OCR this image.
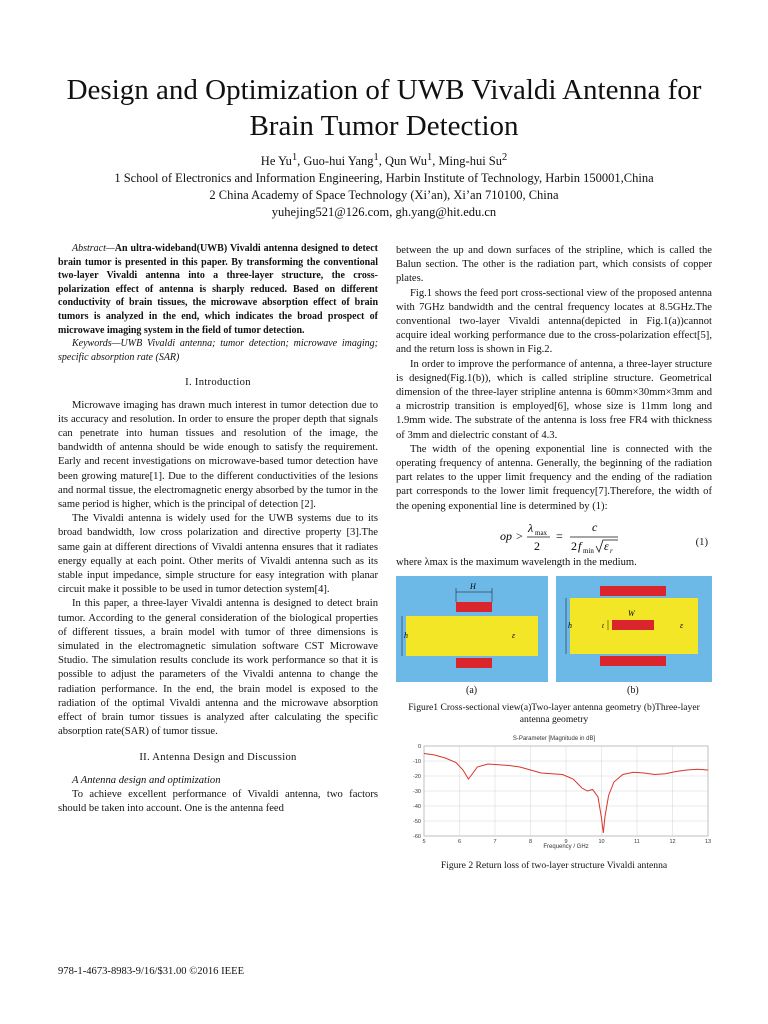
Design and Optimization of UWB Vivaldi Antenna for Brain Tumor Detection
He Yu$^1$, Guo-hui Yang$^1$, Qun Wu$^1$, Ming-hui Su$^2$
1 School of Electronics and Information Engineering, Harbin Institute of Technology, Harbin 150001,China
2 China Academy of Space Technology (Xi’an), Xi’an 710100, China
yuhejing521@126.com, gh.yang@hit.edu.cn

Abstract—An ultra-wideband(UWB) Vivaldi antenna designed to detect brain tumor is presented in this paper. By transforming the conventional two-layer Vivaldi antenna into a three-layer structure, the cross-polarization effect of antenna is sharply reduced. Based on different conductivity of brain tissues, the microwave absorption effect of brain tumors is analyzed in the end, which indicates the broad prospect of microwave imaging system in the field of tumor detection.

Keywords—UWB Vivaldi antenna; tumor detection; microwave imaging; specific absorption rate (SAR)

I. Introduction

Microwave imaging has drawn much interest in tumor detection due to its accuracy and resolution. In order to ensure the proper depth that signals can penetrate into human tissues and resolution of the image, the bandwidth of antenna should be wide enough to satisfy the requirement. Early and recent investigations on microwave-based tumor detection have been growing mature[1]. Due to the different conductivities of the lesions and normal tissue, the electromagnetic energy absorbed by the tumor in the same period is higher, which is the principal of detection [2].

The Vivaldi antenna is widely used for the UWB systems due to its broad bandwidth, low cross polarization and directive property [3].The same gain at different directions of Vivaldi antenna ensures that it radiates energy equally at each point. Other merits of Vivaldi antenna such as its stable input impedance, simple structure for easy integration with planar circuit make it possible to be used in tumor detection system[4].

In this paper, a three-layer Vivaldi antenna is designed to detect brain tumor. According to the general consideration of the biological properties of different tissues, a brain model with tumor of three dimensions is simulated in the electromagnetic simulation software CST Microwave Studio. The simulation results conclude its work performance so that it is possible to adjust the parameters of the Vivaldi antenna to change the radiation performance. In the end, the brain model is exposed to the radiation of the optimal Vivaldi antenna and the microwave absorption effect of brain tumor tissues is analyzed after calculating the specific absorption rate(SAR) of tumor tissue.

II. Antenna Design and Discussion

A Antenna design and optimization

To achieve excellent performance of Vivaldi antenna, two factors should be taken into account. One is the antenna feed

between the up and down surfaces of the stripline, which is called the Balun section. The other is the radiation part, which consists of copper plates.

Fig.1 shows the feed port cross-sectional view of the proposed antenna with 7GHz bandwidth and the central frequency locates at 8.5GHz.The conventional two-layer Vivaldi antenna(depicted in Fig.1(a))cannot acquire ideal working performance due to the cross-polarization effect[5], and the return loss is shown in Fig.2.

In order to improve the performance of antenna, a three-layer structure is designed(Fig.1(b)), which is called stripline structure. Geometrical dimension of the three-layer stripline antenna is 60mm×30mm×3mm and a microstrip transition is employed[6], whose size is 11mm long and 1.9mm wide. The substrate of the antenna is loss free FR4 with thickness of 3mm and dielectric constant of 4.3.

The width of the opening exponential line is connected with the operating frequency of antenna. Generally, the beginning of the radiation part relates to the upper limit frequency and the ending of the radiation part corresponds to the lower limit frequency[7].Therefore, the width of the opening exponential line is determined by (1):

op >
λ max
2
=
c
2 f min ε r
(1)

where λmax is the maximum wavelength in the medium.

H
h	ε
h
W
t	ε
(a)	(b)
Figure1 Cross-sectional view(a)Two-layer antenna geometry (b)Three-layer antenna geometry
S-Parameter [Magnitude in dB]
0
-10
-20
-30
-40
-50
-60
5	6	7	8	9	10	11	12	13
Frequency / GHz
Figure 2 Return loss of two-layer structure Vivaldi antenna
978-1-4673-8983-9/16/$31.00 ©2016 IEEE
